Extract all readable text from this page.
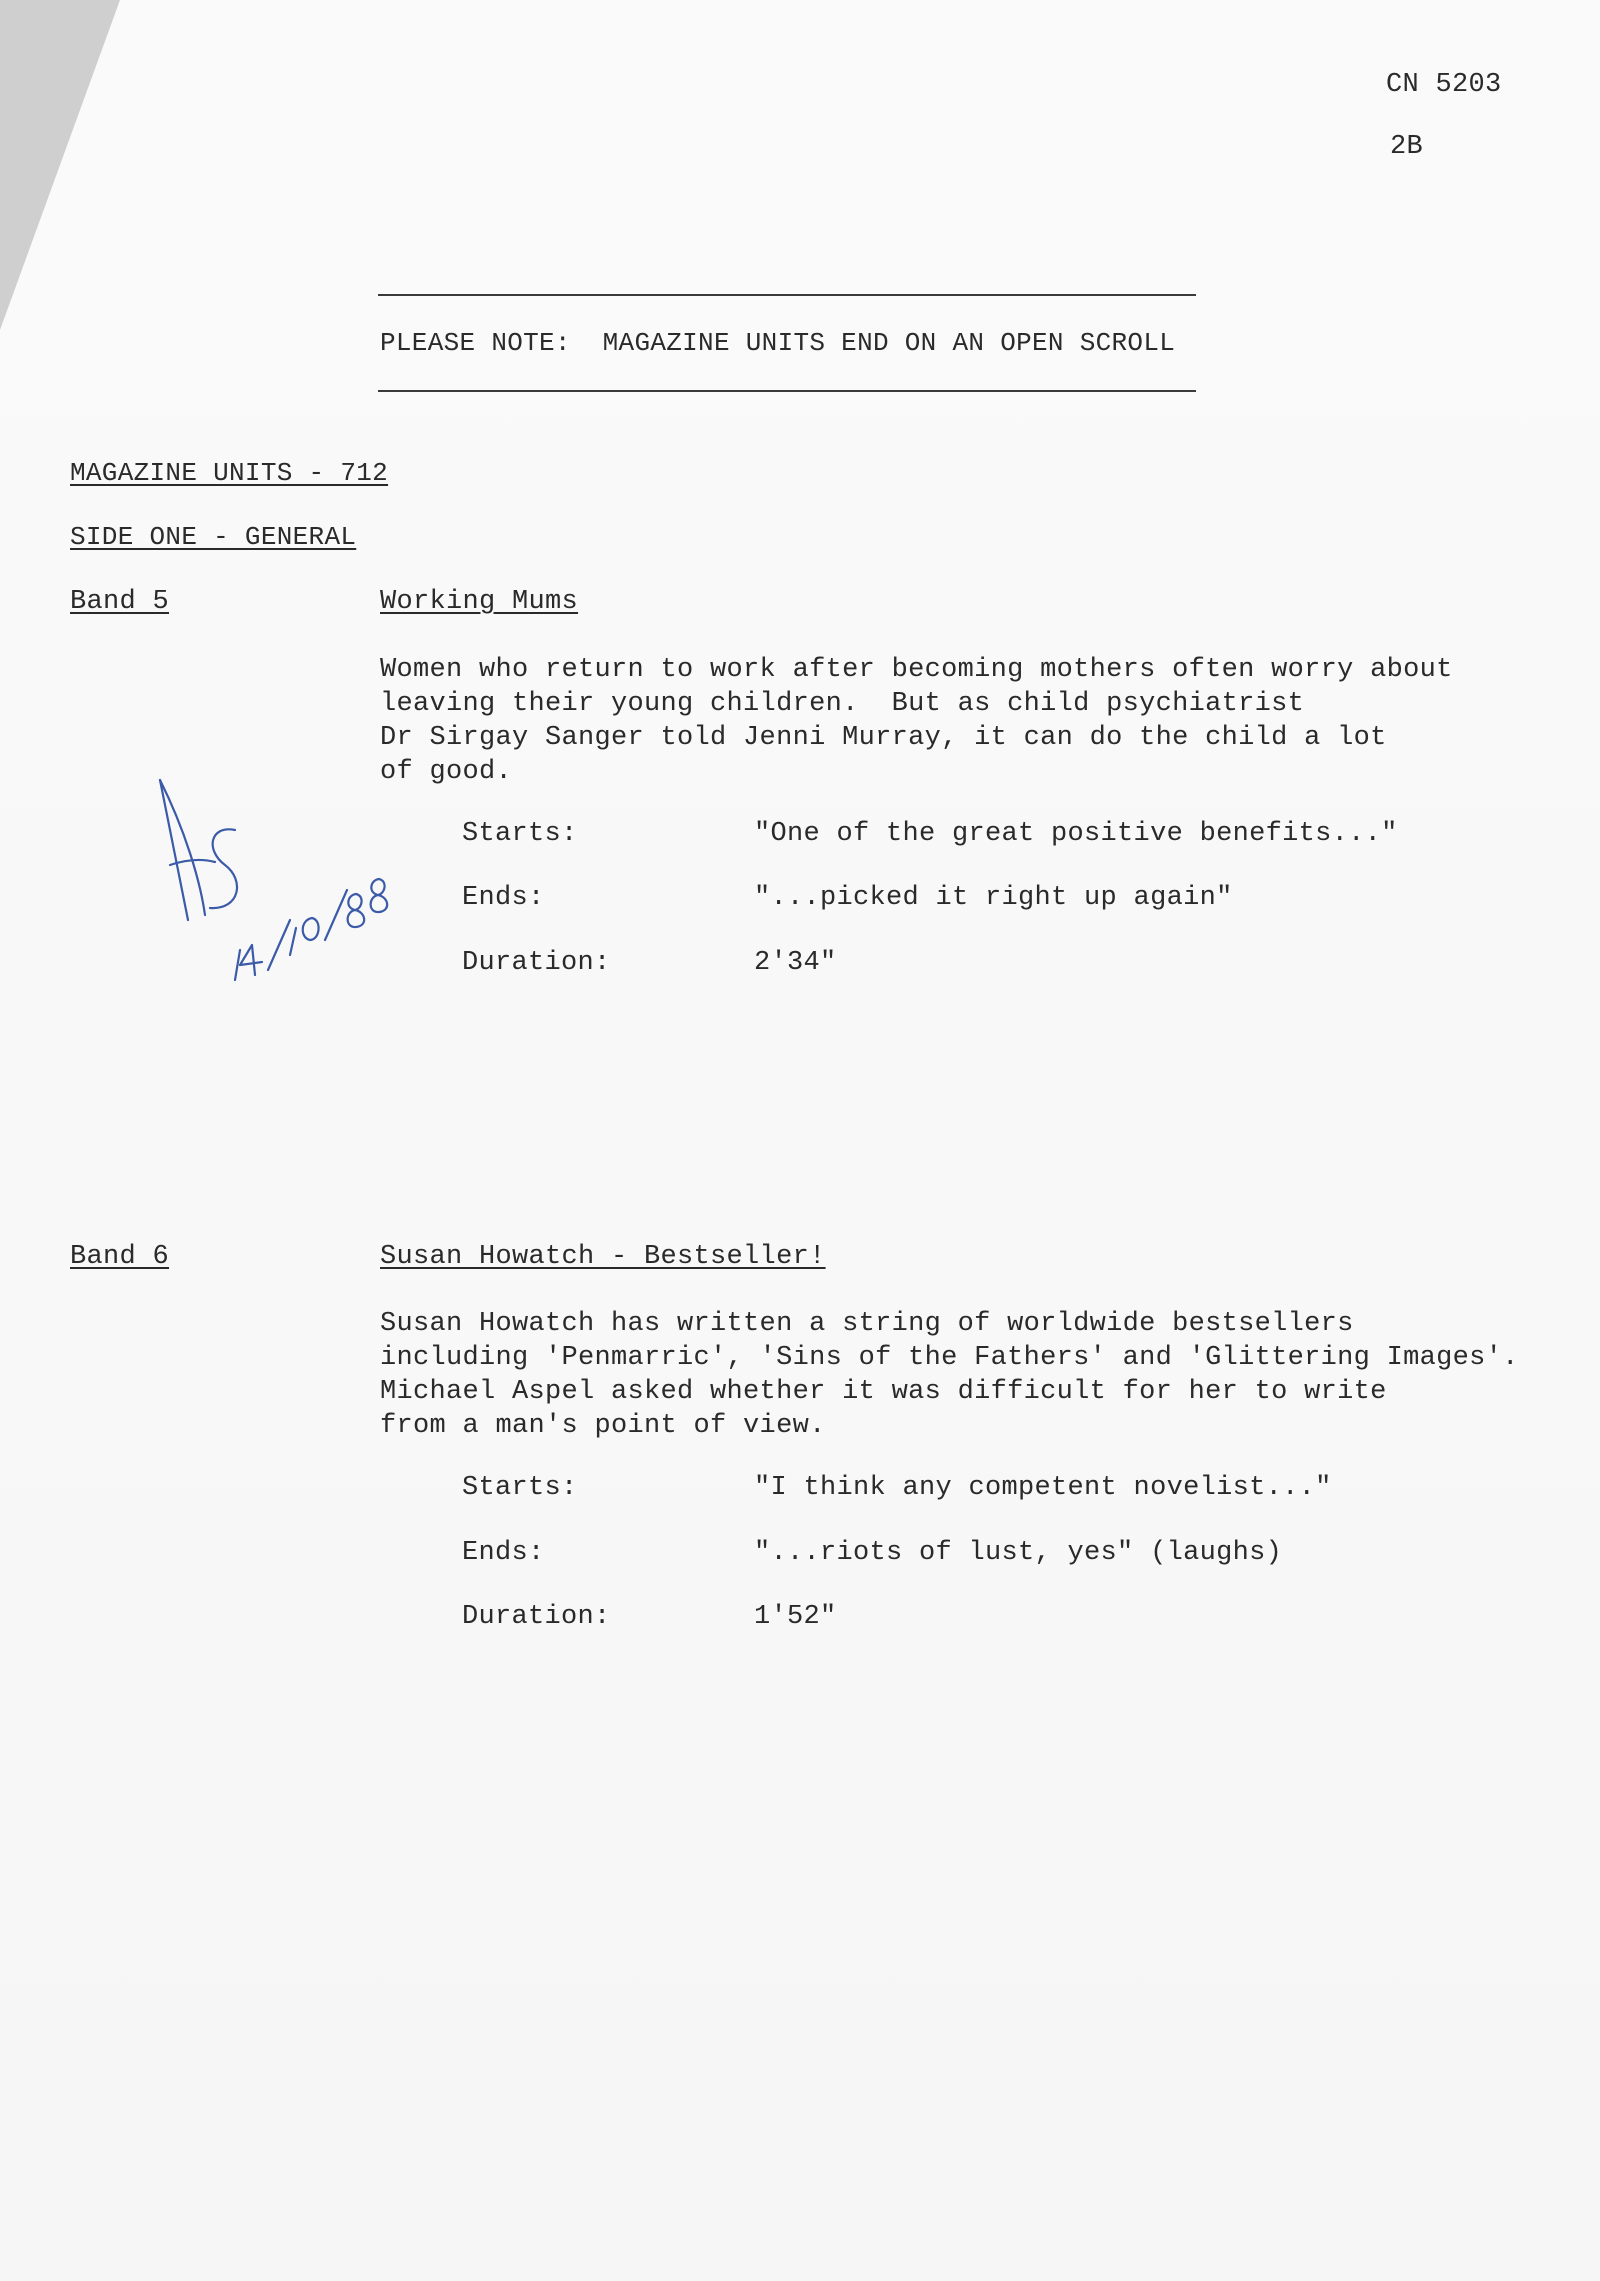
CN 5203
2B
PLEASE NOTE:  MAGAZINE UNITS END ON AN OPEN SCROLL
MAGAZINE UNITS - 712
SIDE ONE - GENERAL
Band 5	Working Mums
Women who return to work after becoming mothers often worry about
leaving their young children.  But as child psychiatrist
Dr Sirgay Sanger told Jenni Murray, it can do the child a lot
of good.
Starts:	"One of the great positive benefits..."
Ends:	"...picked it right up again"
Duration:	2'34"
Band 6	Susan Howatch - Bestseller!
Susan Howatch has written a string of worldwide bestsellers
including 'Penmarric', 'Sins of the Fathers' and 'Glittering Images'.
Michael Aspel asked whether it was difficult for her to write
from a man's point of view.
Starts:	"I think any competent novelist..."
Ends:	"...riots of lust, yes" (laughs)
Duration:	1'52"
